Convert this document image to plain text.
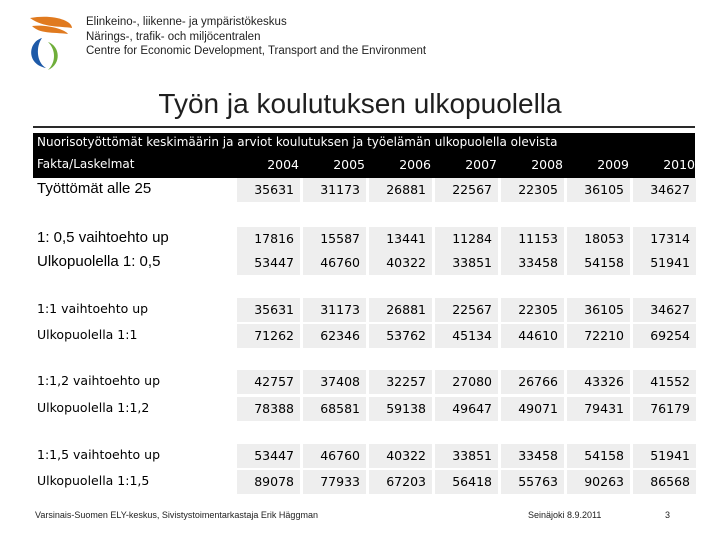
Elinkeino-, liikenne- ja ympäristökeskus
Närings-, trafik- och miljöcentralen
Centre for Economic Development, Transport and the Environment
Työn ja koulutuksen ulkopuolella
Nuorisotyöttömät keskimäärin ja arviot koulutuksen ja työelämän ulkopuolella olevista
Fakta/Laskelmat	2004	2005	2006	2007	2008	2009	2010
Työttömät alle 25	35631	31173	26881	22567	22305	36105	34627
1: 0,5 vaihtoehto up	17816	15587	13441	11284	11153	18053	17314
Ulkopuolella 1: 0,5	53447	46760	40322	33851	33458	54158	51941
1:1 vaihtoehto up	35631	31173	26881	22567	22305	36105	34627
Ulkopuolella 1:1	71262	62346	53762	45134	44610	72210	69254
1:1,2 vaihtoehto up	42757	37408	32257	27080	26766	43326	41552
Ulkopuolella 1:1,2	78388	68581	59138	49647	49071	79431	76179
1:1,5 vaihtoehto up	53447	46760	40322	33851	33458	54158	51941
Ulkopuolella 1:1,5	89078	77933	67203	56418	55763	90263	86568
Varsinais-Suomen ELY-keskus, Sivistystoimentarkastaja Erik Häggman	Seinäjoki 8.9.2011	3
